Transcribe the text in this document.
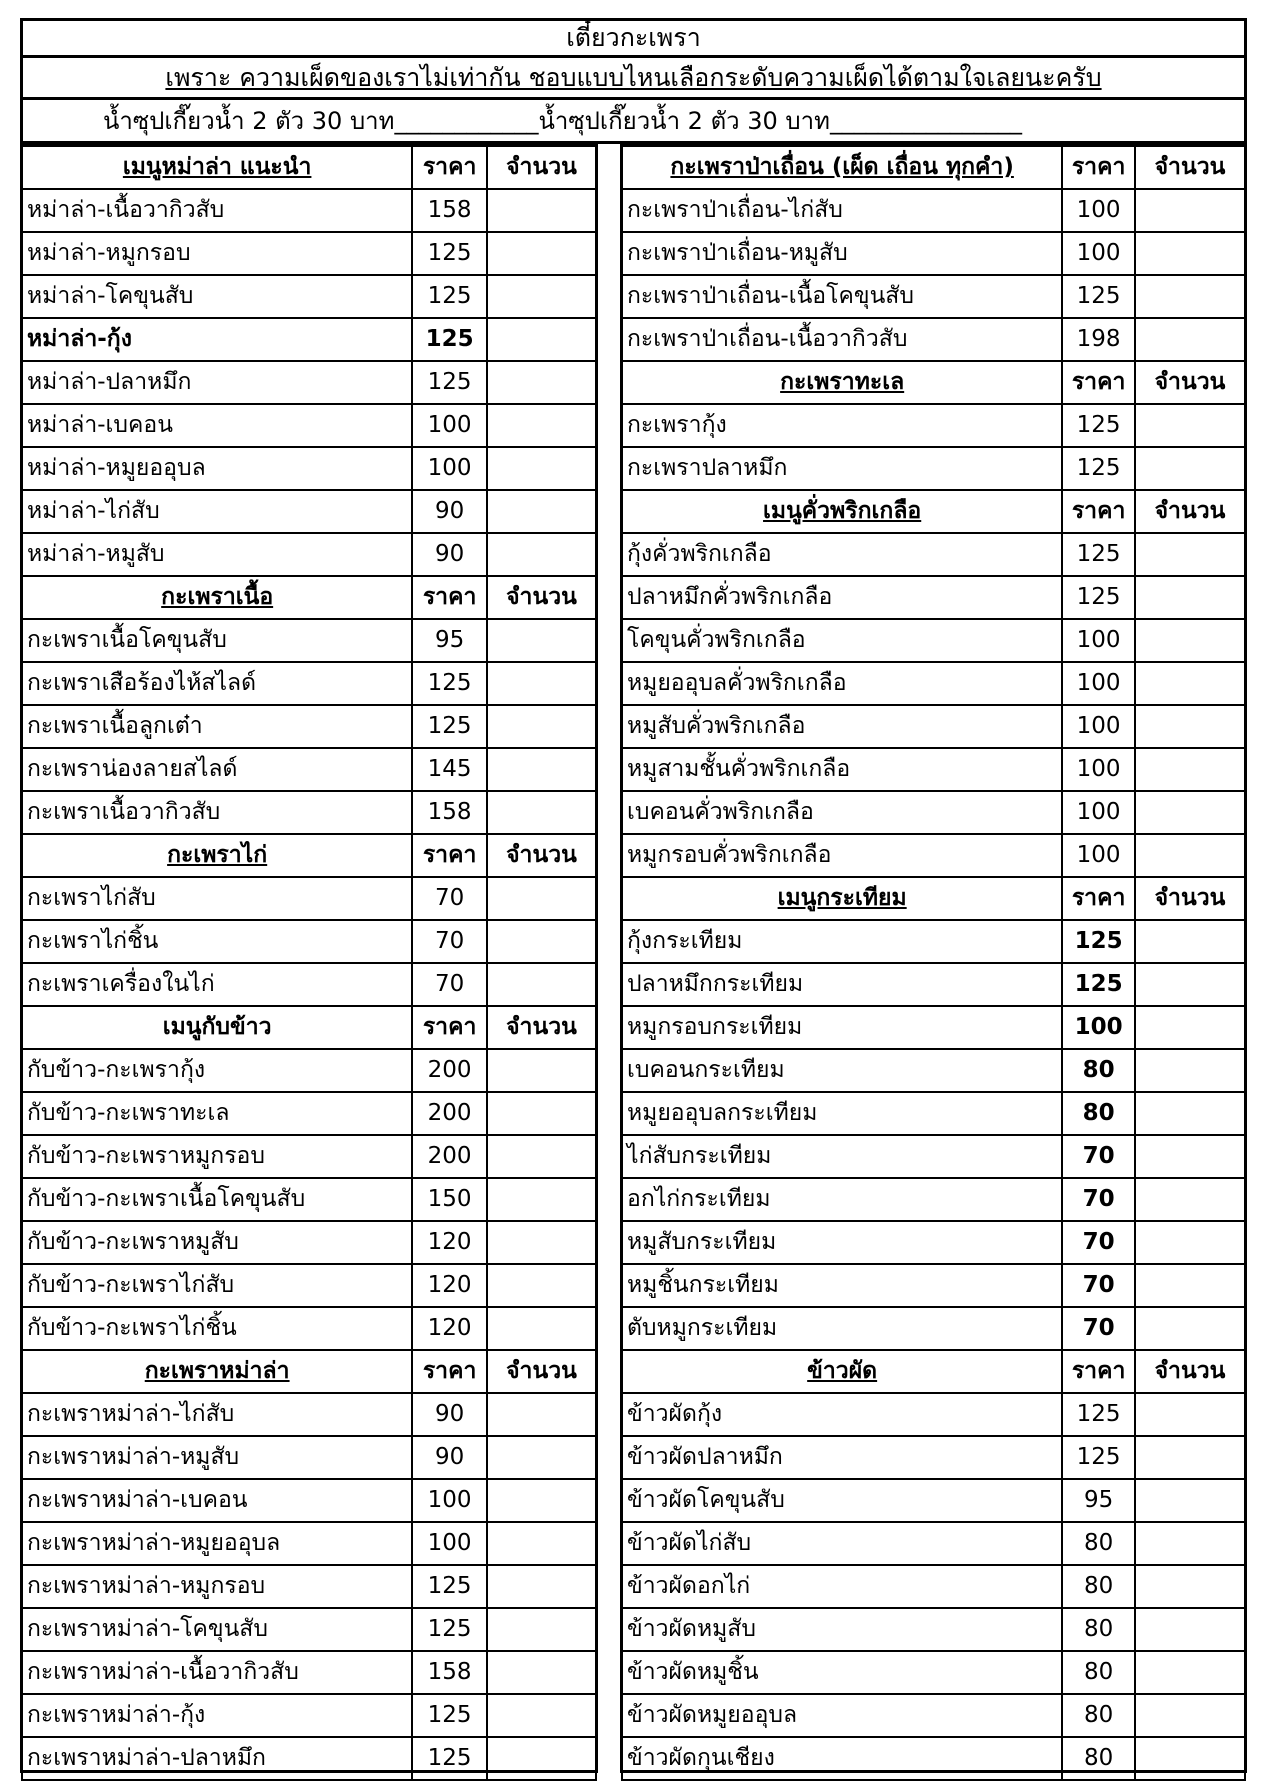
เตี๋ยวกะเพรา
เพราะ ความเผ็ดของเราไม่เท่ากัน ชอบแบบไหนเลือกระดับความเผ็ดได้ตามใจเลยนะครับ
น้ำซุปเกี๊ยวน้ำ 2 ตัว 30 บาท ____________ น้ำซุปเกี๊ยวน้ำ 2 ตัว 30 บาท ________________
เมนูหม่าล่า แนะนำ	ราคา	จำนวน
หม่าล่า-เนื้อวากิวสับ	158	
หม่าล่า-หมูกรอบ	125	
หม่าล่า-โคขุนสับ	125	
หม่าล่า-กุ้ง	125	
หม่าล่า-ปลาหมึก	125	
หม่าล่า-เบคอน	100	
หม่าล่า-หมูยออุบล	100	
หม่าล่า-ไก่สับ	90	
หม่าล่า-หมูสับ	90	
กะเพราเนื้อ	ราคา	จำนวน
กะเพราเนื้อโคขุนสับ	95	
กะเพราเสือร้องไห้สไลด์	125	
กะเพราเนื้อลูกเต๋า	125	
กะเพราน่องลายสไลด์	145	
กะเพราเนื้อวากิวสับ	158	
กะเพราไก่	ราคา	จำนวน
กะเพราไก่สับ	70	
กะเพราไก่ชิ้น	70	
กะเพราเครื่องในไก่	70	
เมนูกับข้าว	ราคา	จำนวน
กับข้าว-กะเพรากุ้ง	200	
กับข้าว-กะเพราทะเล	200	
กับข้าว-กะเพราหมูกรอบ	200	
กับข้าว-กะเพราเนื้อโคขุนสับ	150	
กับข้าว-กะเพราหมูสับ	120	
กับข้าว-กะเพราไก่สับ	120	
กับข้าว-กะเพราไก่ชิ้น	120	
กะเพราหม่าล่า	ราคา	จำนวน
กะเพราหม่าล่า-ไก่สับ	90	
กะเพราหม่าล่า-หมูสับ	90	
กะเพราหม่าล่า-เบคอน	100	
กะเพราหม่าล่า-หมูยออุบล	100	
กะเพราหม่าล่า-หมูกรอบ	125	
กะเพราหม่าล่า-โคขุนสับ	125	
กะเพราหม่าล่า-เนื้อวากิวสับ	158	
กะเพราหม่าล่า-กุ้ง	125	
กะเพราหม่าล่า-ปลาหมึก	125	
กะเพราป่าเถื่อน (เผ็ด เถื่อน ทุกคำ)	ราคา	จำนวน
กะเพราป่าเถื่อน-ไก่สับ	100	
กะเพราป่าเถื่อน-หมูสับ	100	
กะเพราป่าเถื่อน-เนื้อโคขุนสับ	125	
กะเพราป่าเถื่อน-เนื้อวากิวสับ	198	
กะเพราทะเล	ราคา	จำนวน
กะเพรากุ้ง	125	
กะเพราปลาหมึก	125	
เมนูคั่วพริกเกลือ	ราคา	จำนวน
กุ้งคั่วพริกเกลือ	125	
ปลาหมึกคั่วพริกเกลือ	125	
โคขุนคั่วพริกเกลือ	100	
หมูยออุบลคั่วพริกเกลือ	100	
หมูสับคั่วพริกเกลือ	100	
หมูสามชั้นคั่วพริกเกลือ	100	
เบคอนคั่วพริกเกลือ	100	
หมูกรอบคั่วพริกเกลือ	100	
เมนูกระเทียม	ราคา	จำนวน
กุ้งกระเทียม	125	
ปลาหมึกกระเทียม	125	
หมูกรอบกระเทียม	100	
เบคอนกระเทียม	80	
หมูยออุบลกระเทียม	80	
ไก่สับกระเทียม	70	
อกไก่กระเทียม	70	
หมูสับกระเทียม	70	
หมูชิ้นกระเทียม	70	
ตับหมูกระเทียม	70	
ข้าวผัด	ราคา	จำนวน
ข้าวผัดกุ้ง	125	
ข้าวผัดปลาหมึก	125	
ข้าวผัดโคขุนสับ	95	
ข้าวผัดไก่สับ	80	
ข้าวผัดอกไก่	80	
ข้าวผัดหมูสับ	80	
ข้าวผัดหมูชิ้น	80	
ข้าวผัดหมูยออุบล	80	
ข้าวผัดกุนเชียง	80	
